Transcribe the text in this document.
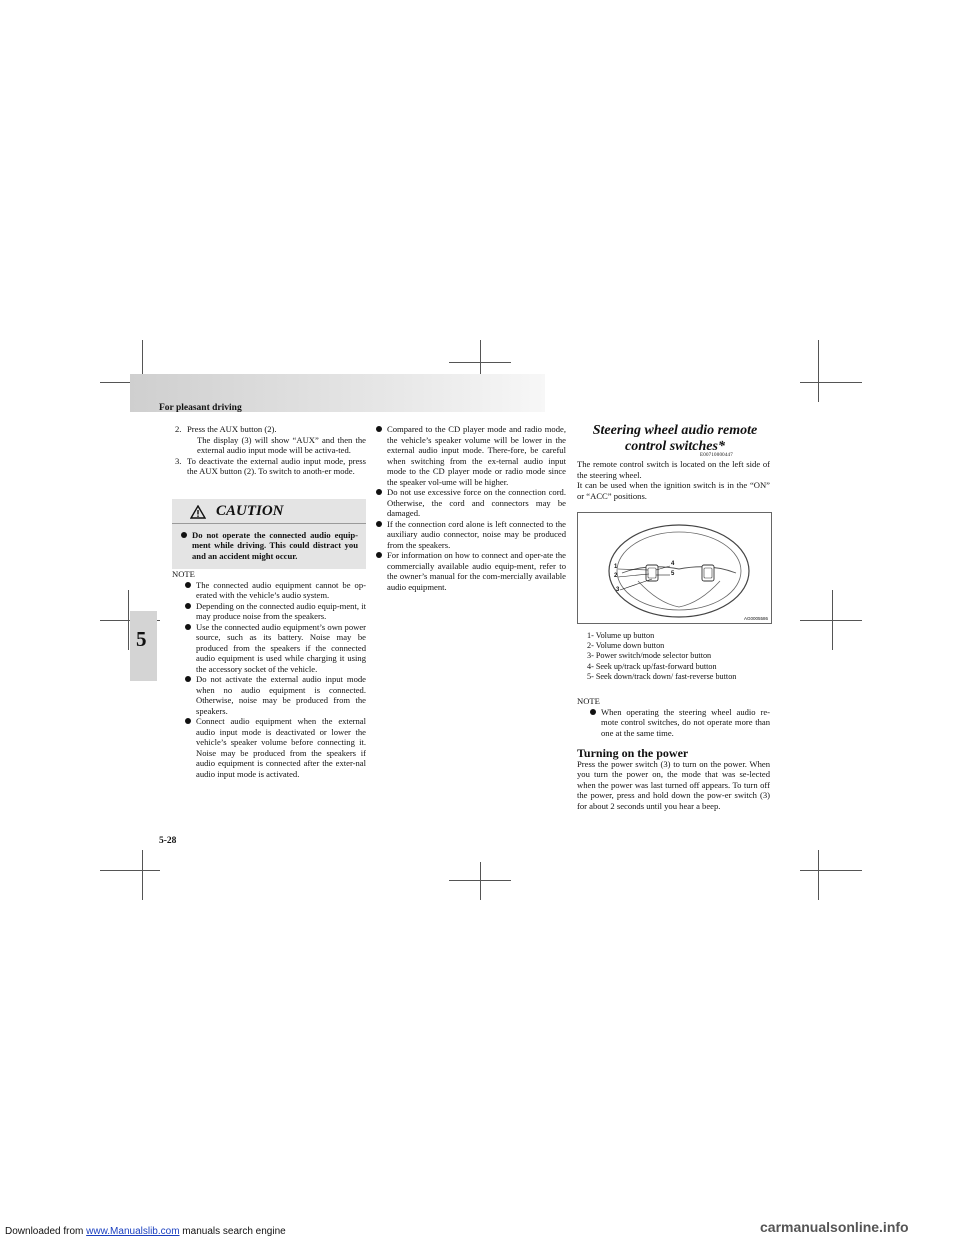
For pleasant driving
5
2. Press the AUX button (2).

The display (3) will show “AUX” and then the external audio input mode will be activa-ted.

3. To deactivate the external audio input mode, press the AUX button (2). To switch to anoth-er mode.

CAUTION
Do not operate the connected audio equip-ment while driving. This could distract you and an accident might occur.

NOTE

The connected audio equipment cannot be op-erated with the vehicle’s audio system.

Depending on the connected audio equip-ment, it may produce noise from the speakers.

Use the connected audio equipment’s own power source, such as its battery. Noise may be produced from the speakers if the connected audio equipment is used while charging it using the accessory socket of the vehicle.

Do not activate the external audio input mode when no audio equipment is connected. Otherwise, noise may be produced from the speakers.

Connect audio equipment when the external audio input mode is deactivated or lower the vehicle’s speaker volume before connecting it. Noise may be produced from the speakers if audio equipment is connected after the exter-nal audio input mode is activated.

Compared to the CD player mode and radio mode, the vehicle’s speaker volume will be lower in the external audio input mode. There-fore, be careful when switching from the ex-ternal audio input mode to the CD player mode or radio mode since the speaker vol-ume will be higher.

Do not use excessive force on the connection cord. Otherwise, the cord and connectors may be damaged.

If the connection cord alone is left connected to the auxiliary audio connector, noise may be produced from the speakers.

For information on how to connect and oper-ate the commercially available audio equip-ment, refer to the owner’s manual for the com-mercially available audio equipment.

Steering wheel audio remote
control switches*
E00710000447

The remote control switch is located on the left side of the steering wheel.

It can be used when the ignition switch is in the “ON” or “ACC” positions.

1
2
3
4
5
AG0005586
1- Volume up button
2- Volume down button
3- Power switch/mode selector button
4- Seek up/track up/fast-forward button
5- Seek down/track down/ fast-reverse button

NOTE

When operating the steering wheel audio re-mote control switches, do not operate more than one at the same time.

Turning on the power

Press the power switch (3) to turn on the power. When you turn the power on, the mode that was se-lected when the power was last turned off appears. To turn off the power, press and hold down the pow-er switch (3) for about 2 seconds until you hear a beep.

5-28
Downloaded from www.Manualslib.com manuals search engine	carmanualsonline.info
